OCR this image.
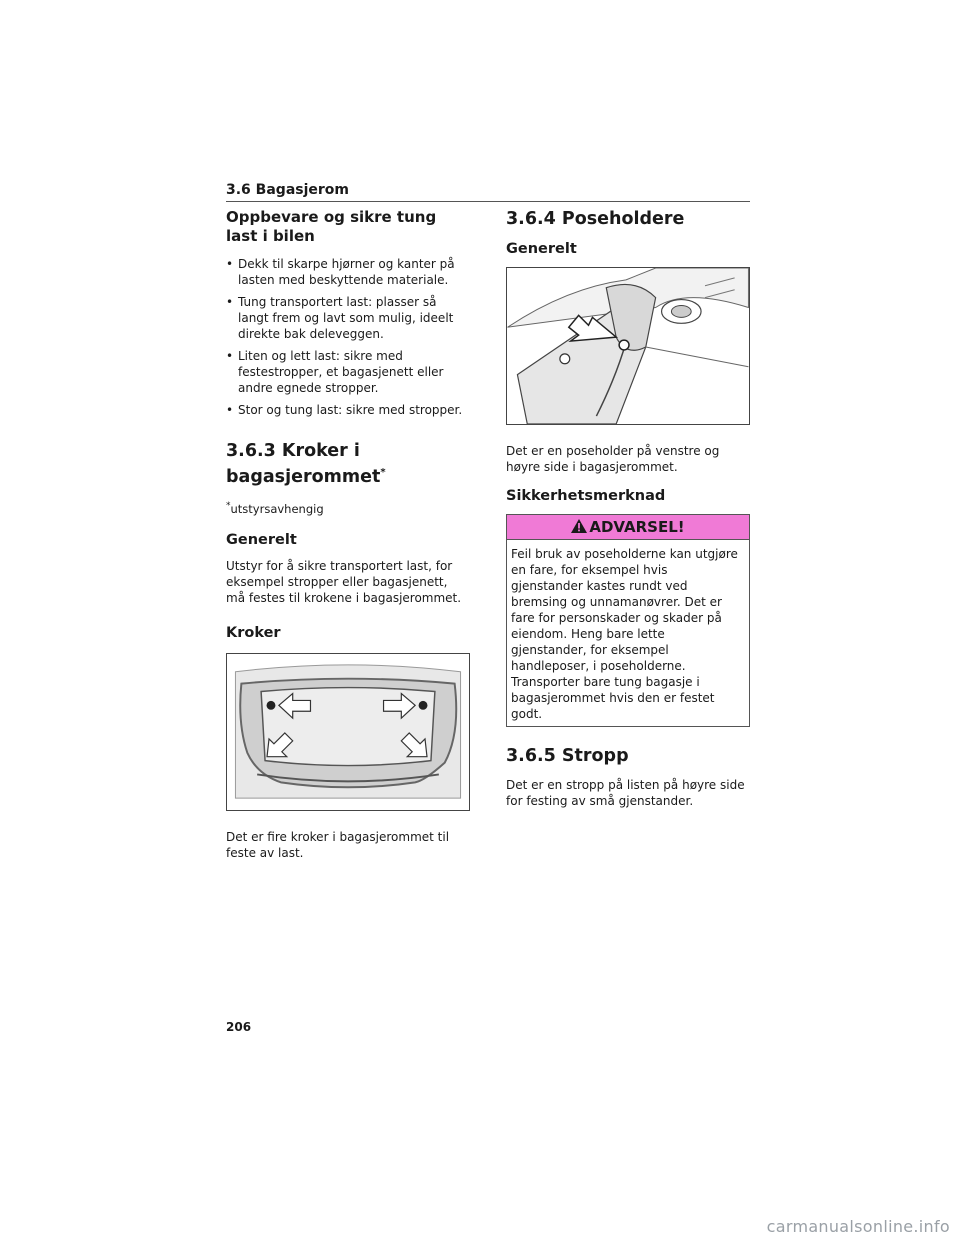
3.6 Bagasjerom
Oppbevare og sikre tung last i bilen
• Dekk til skarpe hjørner og kanter på lasten med beskyttende materiale.
• Tung transportert last: plasser så langt frem og lavt som mulig, ideelt direkte bak deleveggen.
• Liten og lett last: sikre med festestropper, et bagasjenett eller andre egnede stropper.
• Stor og tung last: sikre med stropper.
3.6.3 Kroker i bagasjerommet*

*utstyrsavhengig

Generelt

Utstyr for å sikre transportert last, for eksempel stropper eller bagasjenett, må festes til krokene i bagasjerommet.

Kroker

Det er fire kroker i bagasjerommet til feste av last.

3.6.4 Poseholdere
Generelt

Det er en poseholder på venstre og høyre side i bagasjerommet.

Sikkerhetsmerknad
ADVARSEL!
Feil bruk av poseholderne kan utgjøre en fare, for eksempel hvis gjenstander kastes rundt ved bremsing og unnamanøvrer. Det er fare for personskader og skader på eiendom. Heng bare lette gjenstander, for eksempel handleposer, i poseholderne. Transporter bare tung bagasje i bagasjerommet hvis den er festet godt.
3.6.5 Stropp

Det er en stropp på listen på høyre side for festing av små gjenstander.

206
carmanualsonline.info
